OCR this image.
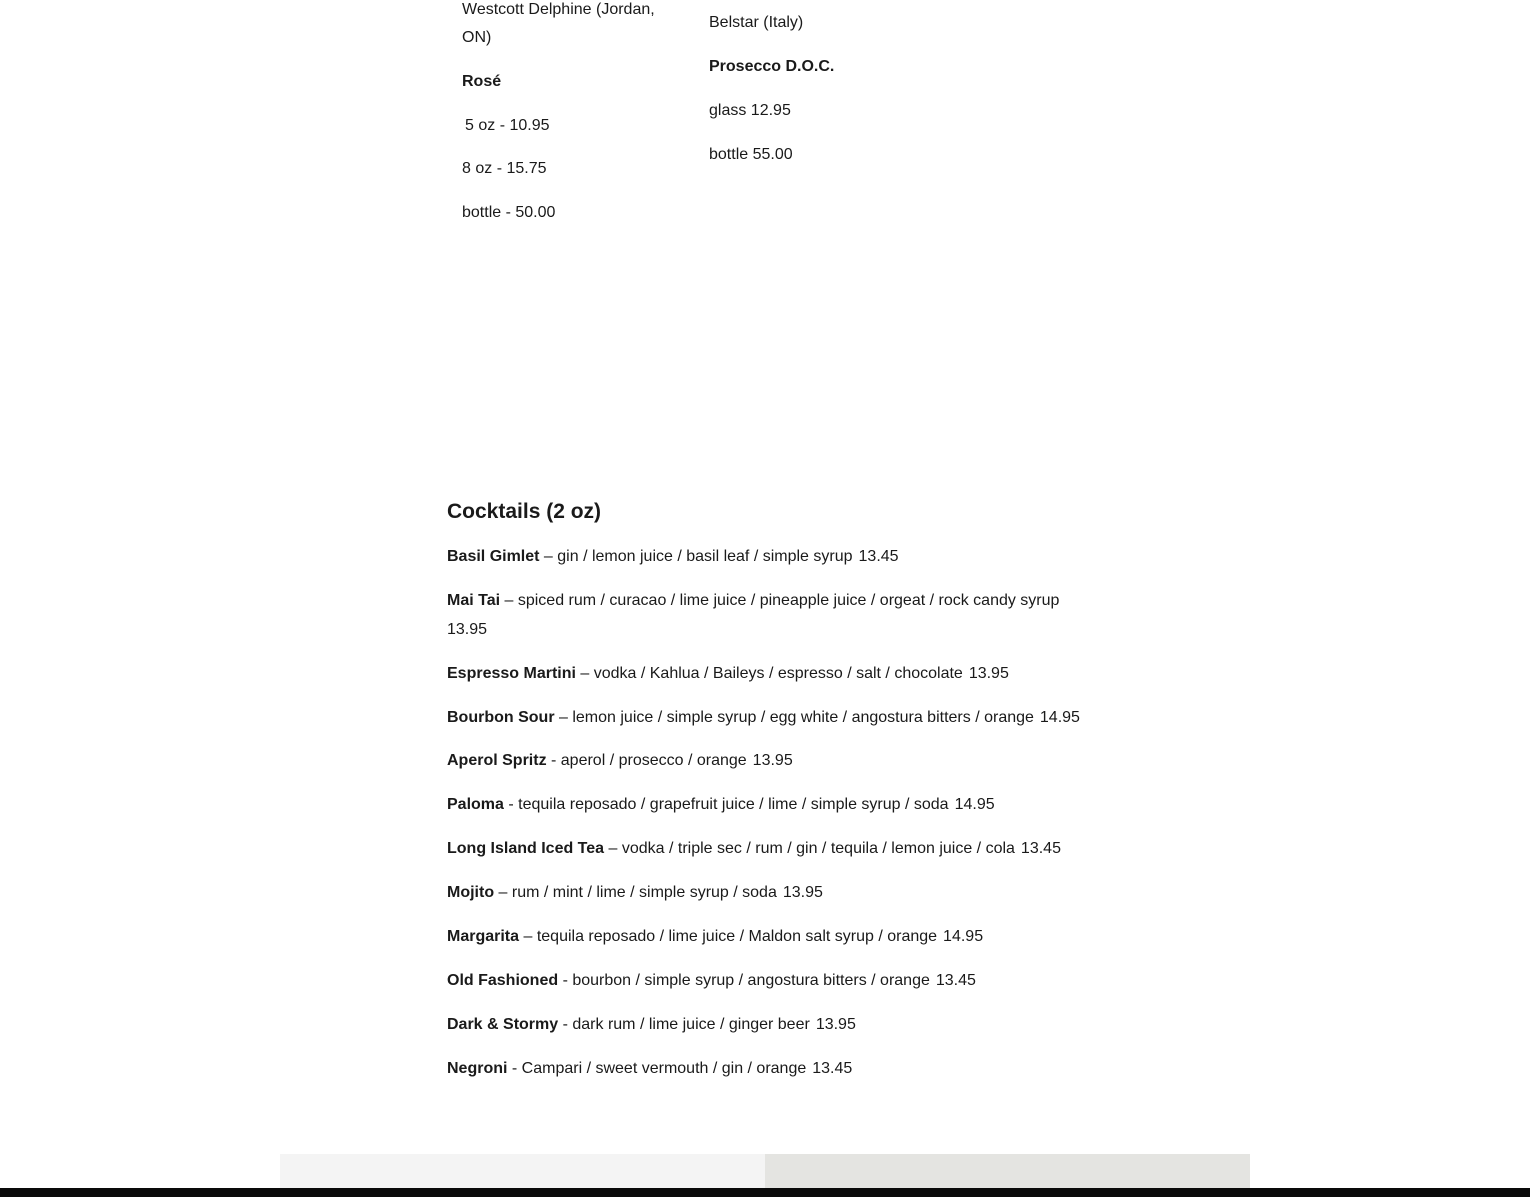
Westcott Delphine (Jordan,

ON)

Rosé

5 oz - 10.95

8 oz - 15.75

bottle - 50.00

Belstar (Italy)

Prosecco D.O.C.

glass 12.95

bottle 55.00

Cocktails (2 oz)

Basil Gimlet – gin / lemon juice / basil leaf / simple syrup 13.45

Mai Tai – spiced rum / curacao / lime juice / pineapple juice / orgeat / rock candy syrup
13.95

Espresso Martini – vodka / Kahlua / Baileys / espresso / salt / chocolate 13.95

Bourbon Sour – lemon juice / simple syrup / egg white / angostura bitters / orange 14.95

Aperol Spritz - aperol / prosecco / orange 13.95

Paloma - tequila reposado / grapefruit juice / lime / simple syrup / soda 14.95

Long Island Iced Tea – vodka / triple sec / rum / gin / tequila / lemon juice / cola 13.45

Mojito – rum / mint / lime / simple syrup / soda 13.95

Margarita – tequila reposado / lime juice / Maldon salt syrup / orange 14.95

Old Fashioned - bourbon / simple syrup / angostura bitters / orange 13.45

Dark & Stormy - dark rum / lime juice / ginger beer 13.95

Negroni - Campari / sweet vermouth / gin / orange 13.45
